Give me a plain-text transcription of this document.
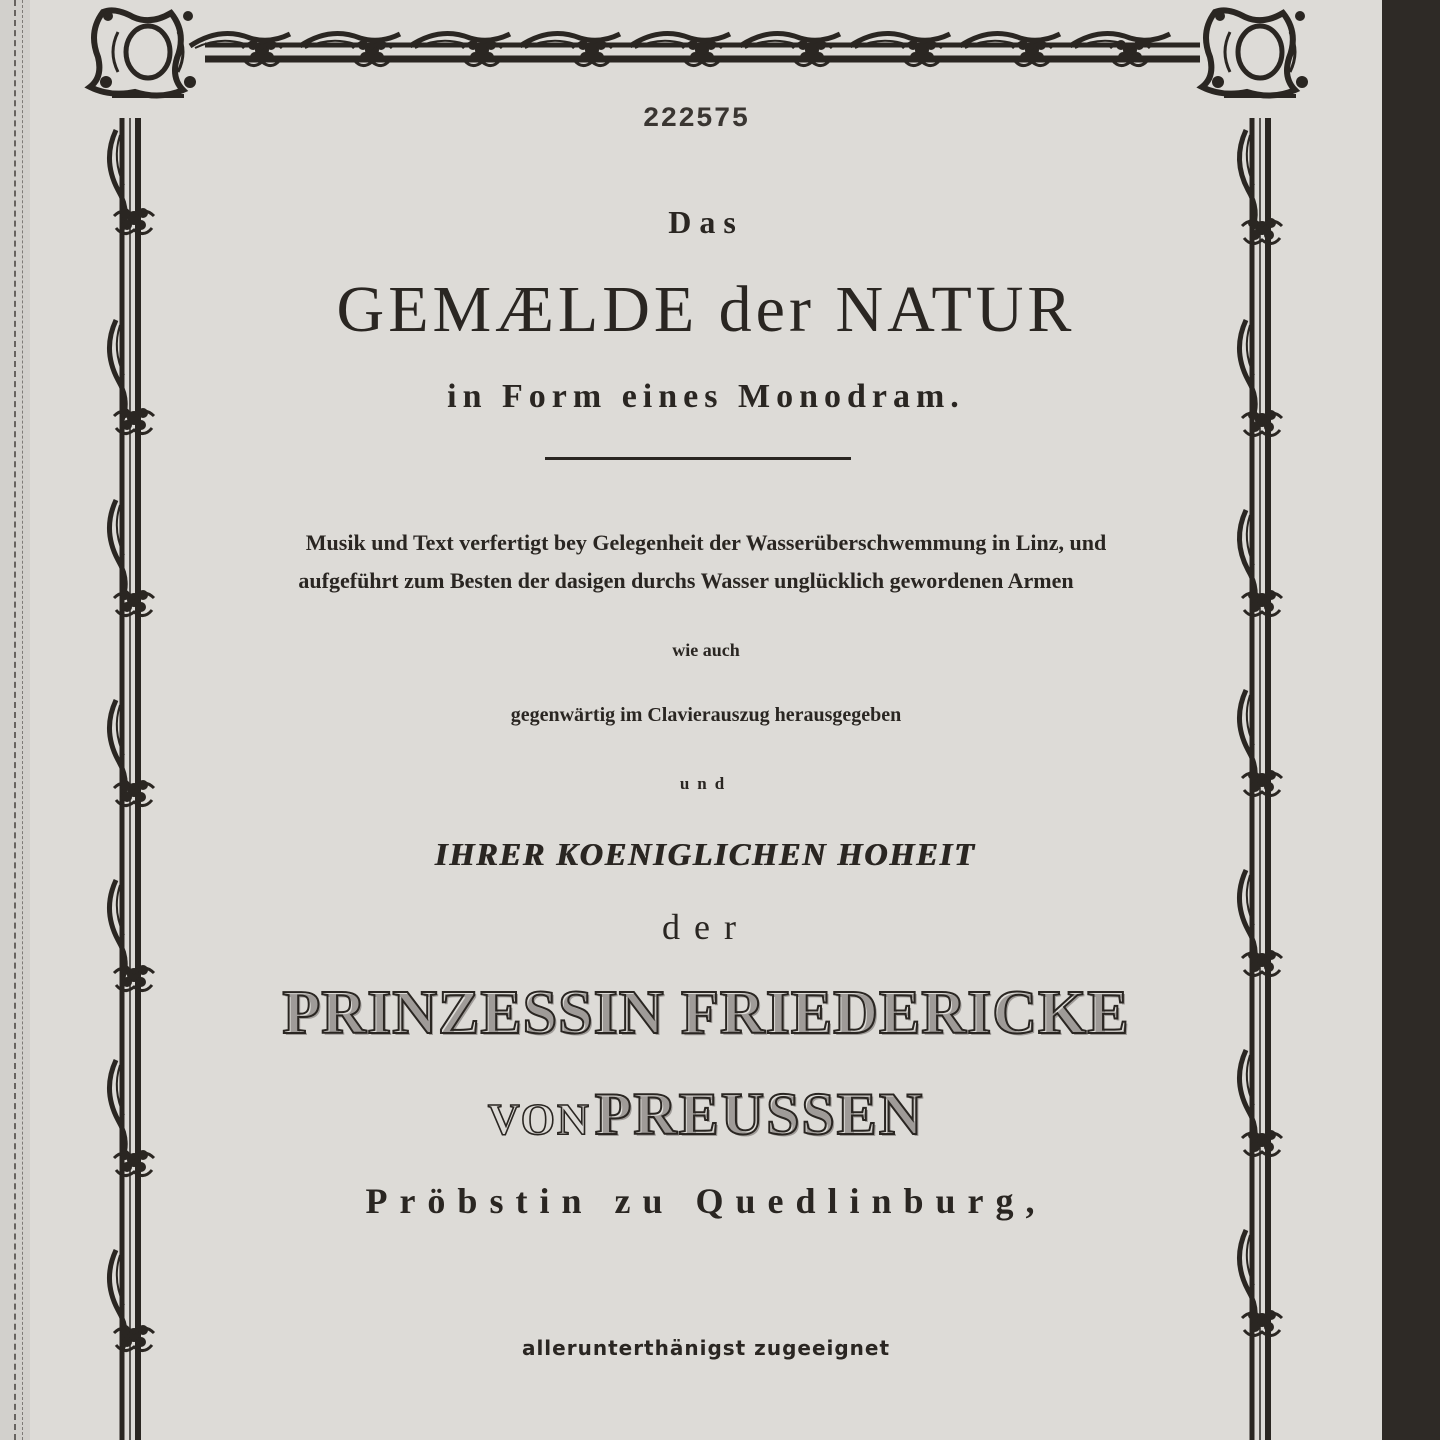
222575
Das
GEMÆLDE der NATUR
in Form eines Monodram.
Musik und Text verfertigt bey Gelegenheit der Wasserüberschwemmung in Linz, und
aufgeführt zum Besten der dasigen durchs Wasser unglücklich gewordenen Armen
wie auch
gegenwärtig im Clavierauszug herausgegeben
und
IHRER KOENIGLICHEN HOHEIT
der
PRINZESSIN FRIEDERICKE
VON PREUSSEN
Pröbstin zu Quedlinburg,
allerunterthänigst zugeeignet
